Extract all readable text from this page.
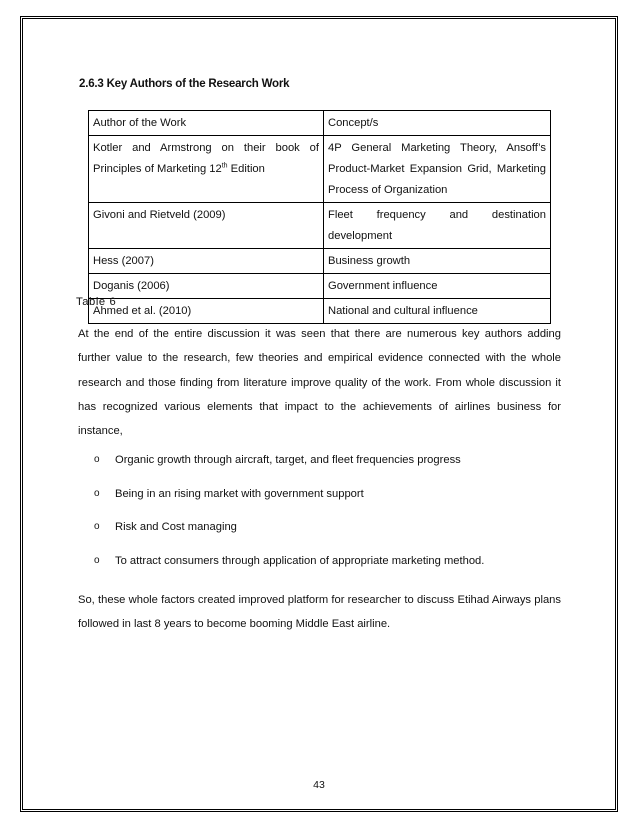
2.6.3 Key Authors of the Research Work
Author of the Work	Concept/s

Kotler and Armstrong on their book of
Principles of Marketing 12th Edition	4P General Marketing Theory, Ansoff’s
Product-Market Expansion Grid, Marketing
Process of Organization

Givoni and Rietveld (2009)	Fleet frequency and destination
development

Hess (2007)	Business growth
Doganis (2006)	Government influence
Ahmed et al. (2010)	National and cultural influence
Table 6

At the end of the entire discussion it was seen that there are numerous key authors adding further value to the research, few theories and empirical evidence connected with the whole research and those finding from literature improve quality of the work. From whole discussion it has recognized various elements that impact to the achievements of airlines business for instance,

o	Organic growth through aircraft, target, and fleet frequencies progress
o	Being in an rising market with government support
o	Risk and Cost managing
o	To attract consumers through application of appropriate marketing method.

So, these whole factors created improved platform for researcher to discuss Etihad Airways plans followed in last 8 years to become booming Middle East airline.

43
